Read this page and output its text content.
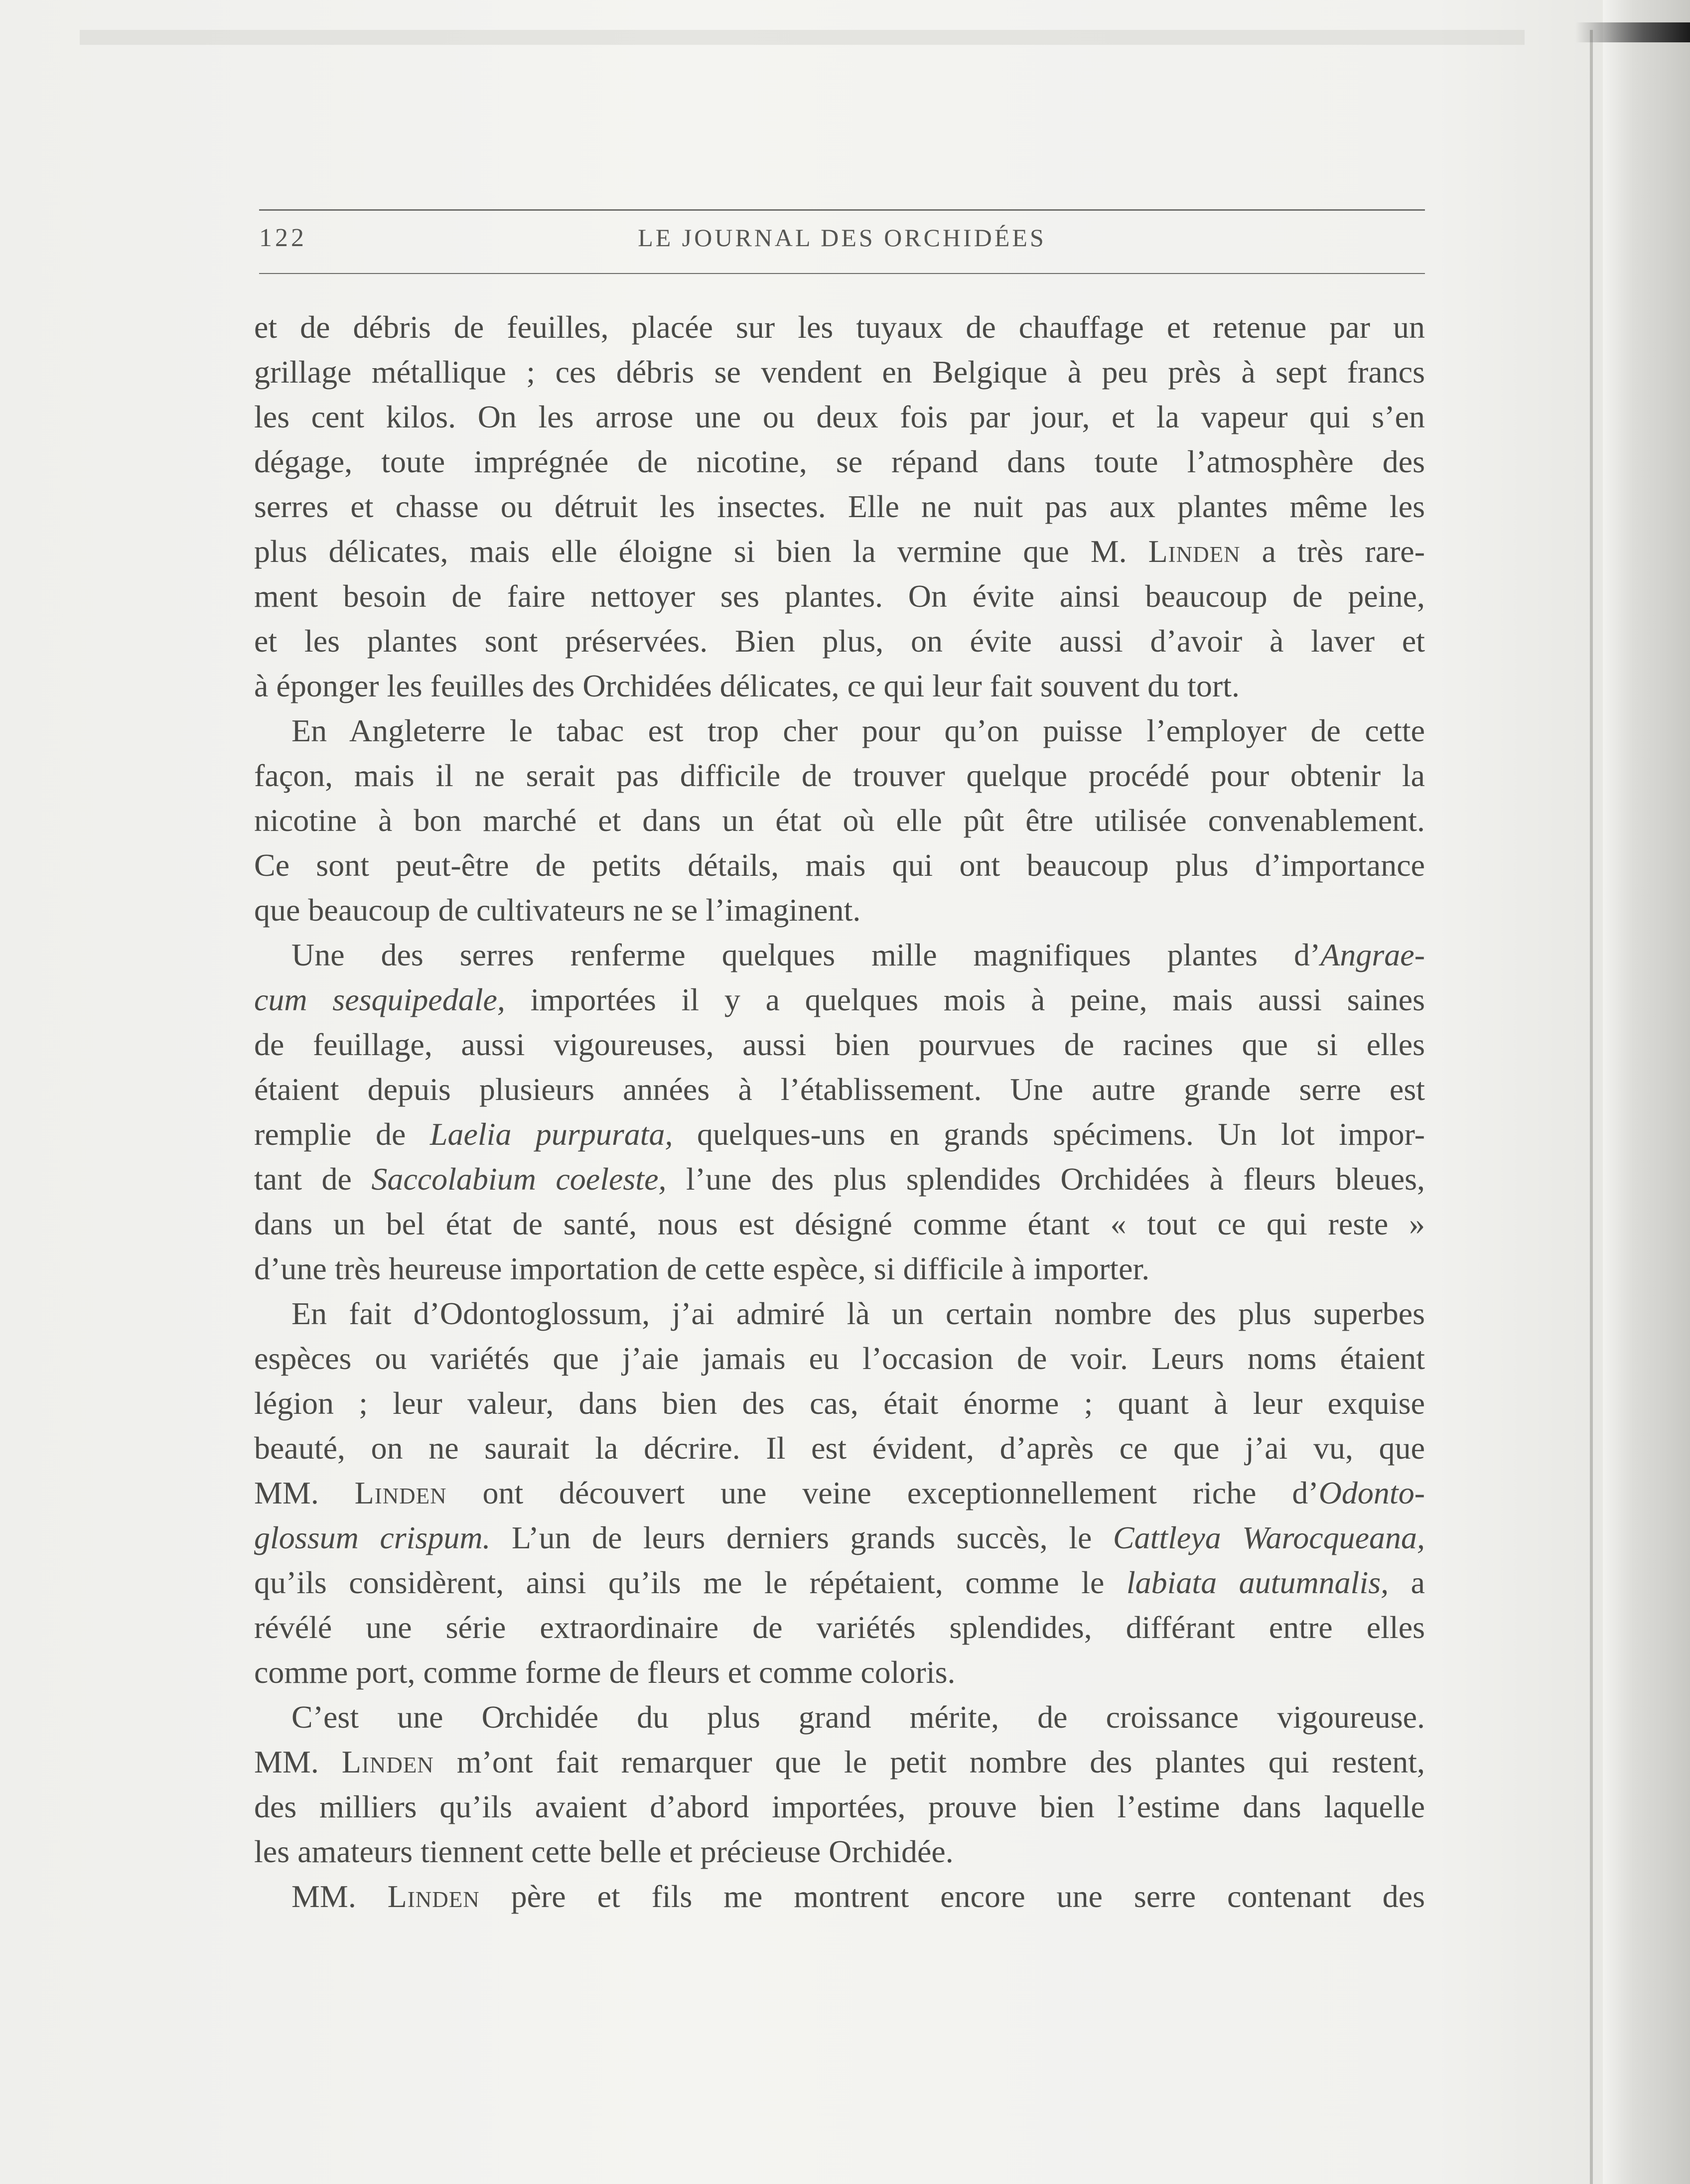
122	LE JOURNAL DES ORCHIDÉES
et de débris de feuilles, placée sur les tuyaux de chauffage et retenue par un
grillage métallique ; ces débris se vendent en Belgique à peu près à sept francs
les cent kilos. On les arrose une ou deux fois par jour, et la vapeur qui s’en
dégage, toute imprégnée de nicotine, se répand dans toute l’atmosphère des
serres et chasse ou détruit les insectes. Elle ne nuit pas aux plantes même les
plus délicates, mais elle éloigne si bien la vermine que M. Linden a très rare-
ment besoin de faire nettoyer ses plantes. On évite ainsi beaucoup de peine,
et les plantes sont préservées. Bien plus, on évite aussi d’avoir à laver et
à éponger les feuilles des Orchidées délicates, ce qui leur fait souvent du tort.
En Angleterre le tabac est trop cher pour qu’on puisse l’employer de cette
façon, mais il ne serait pas difficile de trouver quelque procédé pour obtenir la
nicotine à bon marché et dans un état où elle pût être utilisée convenablement.
Ce sont peut-être de petits détails, mais qui ont beaucoup plus d’importance
que beaucoup de cultivateurs ne se l’imaginent.
Une des serres renferme quelques mille magnifiques plantes d’Angrae-
cum sesquipedale, importées il y a quelques mois à peine, mais aussi saines
de feuillage, aussi vigoureuses, aussi bien pourvues de racines que si elles
étaient depuis plusieurs années à l’établissement. Une autre grande serre est
remplie de Laelia purpurata, quelques-uns en grands spécimens. Un lot impor-
tant de Saccolabium coeleste, l’une des plus splendides Orchidées à fleurs bleues,
dans un bel état de santé, nous est désigné comme étant « tout ce qui reste »
d’une très heureuse importation de cette espèce, si difficile à importer.
En fait d’Odontoglossum, j’ai admiré là un certain nombre des plus superbes
espèces ou variétés que j’aie jamais eu l’occasion de voir. Leurs noms étaient
légion ; leur valeur, dans bien des cas, était énorme ; quant à leur exquise
beauté, on ne saurait la décrire. Il est évident, d’après ce que j’ai vu, que
MM. Linden ont découvert une veine exceptionnellement riche d’Odonto-
glossum crispum. L’un de leurs derniers grands succès, le Cattleya Warocqueana,
qu’ils considèrent, ainsi qu’ils me le répétaient, comme le labiata autumnalis, a
révélé une série extraordinaire de variétés splendides, différant entre elles
comme port, comme forme de fleurs et comme coloris.
C’est une Orchidée du plus grand mérite, de croissance vigoureuse.
MM. Linden m’ont fait remarquer que le petit nombre des plantes qui restent,
des milliers qu’ils avaient d’abord importées, prouve bien l’estime dans laquelle
les amateurs tiennent cette belle et précieuse Orchidée.
MM. Linden père et fils me montrent encore une serre contenant des
